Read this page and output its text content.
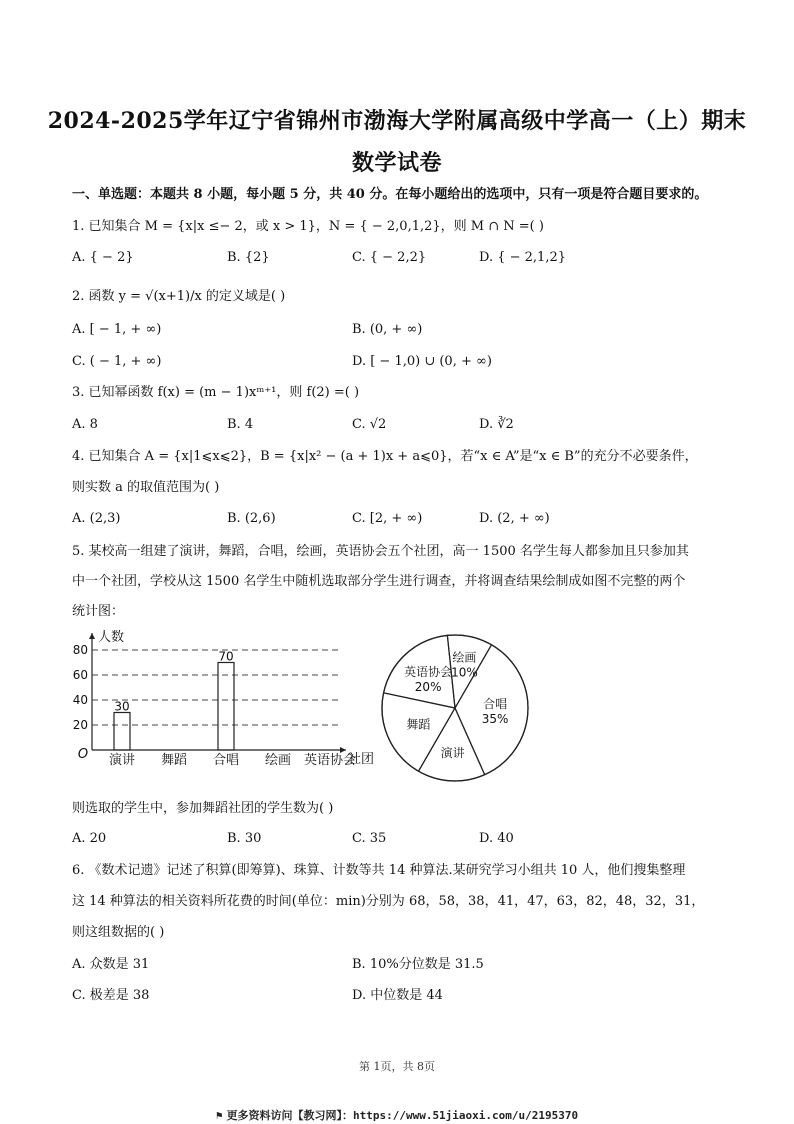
2024-2025学年辽宁省锦州市渤海大学附属高级中学高一（上）期末
数学试卷
一、单选题：本题共 8 小题，每小题 5 分，共 40 分。在每小题给出的选项中，只有一项是符合题目要求的。
1. 已知集合 M = {x|x ≤− 2，或 x > 1}，N = { − 2,0,1,2}，则 M ∩ N =( )
A. { − 2}	B. {2}	C. { − 2,2}	D. { − 2,1,2}
2. 函数 y = √(x+1)/x 的定义域是( )
A. [ − 1, + ∞)	B. (0, + ∞)
C. ( − 1, + ∞)	D. [ − 1,0) ∪ (0, + ∞)
3. 已知幂函数 f(x) = (m − 1)xᵐ⁺¹，则 f(2) =( )
A. 8	B. 4	C. √2	D. ∛2
4. 已知集合 A = {x|1⩽x⩽2}，B = {x|x² − (a + 1)x + a⩽0}，若“x ∈ A”是“x ∈ B”的充分不必要条件，
则实数 a 的取值范围为( )
A. (2,3)	B. (2,6)	C. [2, + ∞)	D. (2, + ∞)
5. 某校高一组建了演讲，舞蹈，合唱，绘画，英语协会五个社团，高一 1500 名学生每人都参加且只参加其
中一个社团，学校从这 1500 名学生中随机选取部分学生进行调查，并将调查结果绘制成如图不完整的两个
统计图：
人数
社团
O
20
40
60
80
演讲
30
舞蹈 合唱
70
绘画 英语协会
合唱
35%
演讲
舞蹈
英语协会
20%
绘画
10%
则选取的学生中，参加舞蹈社团的学生数为( )
A. 20	B. 30	C. 35	D. 40
6. 《数术记遗》记述了积算(即筹算)、珠算、计数等共 14 种算法.某研究学习小组共 10 人，他们搜集整理
这 14 种算法的相关资料所花费的时间(单位：min)分别为 68，58，38，41，47，63，82，48，32，31，
则这组数据的( )
A. 众数是 31	B. 10%分位数是 31.5
C. 极差是 38	D. 中位数是 44
第 1页，共 8页
⚑ 更多资料访问【教习网】：https://www.51jiaoxi.com/u/2195370
